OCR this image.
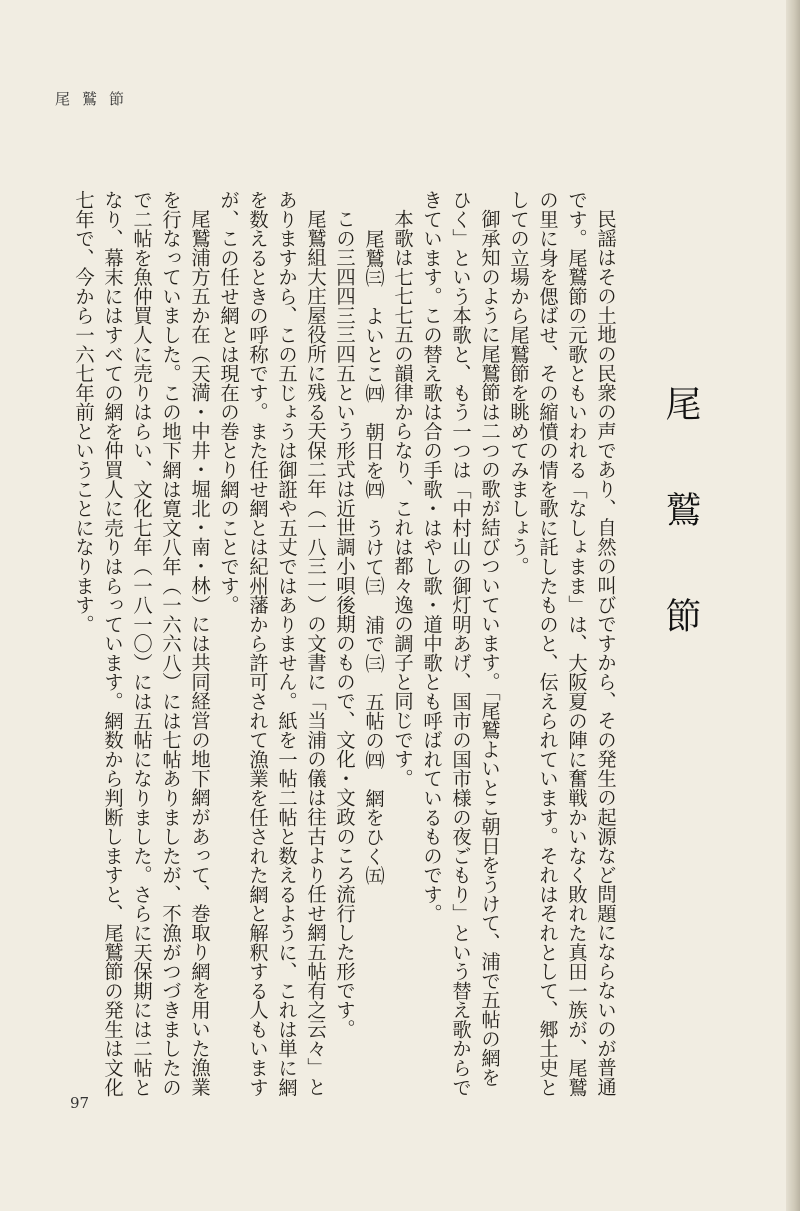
尾鷲節
尾鷲節

民謡はその土地の民衆の声であり、自然の叫びですから、その発生の起源など問題にならないのが普通です。尾鷲節の元歌ともいわれる「なしょまま」は、大阪夏の陣に奮戦かいなく敗れた真田一族が、尾鷲の里に身を偲ばせ、その縮憤の情を歌に託したものと、伝えられています。それはそれとして、郷土史としての立場から尾鷲節を眺めてみましょう。

御承知のように尾鷲節は二つの歌が結びついています。「尾鷲よいとこ朝日をうけて、浦で五帖の網をひく」という本歌と、もう一つは「中村山の御灯明あげ、国市の国市様の夜ごもり」という替え歌からできています。この替え歌は合の手歌・はやし歌・道中歌とも呼ばれているものです。

本歌は七七七五の韻律からなり、これは都々逸の調子と同じです。

尾鷲㈢　よいとこ㈣　朝日を㈣　うけて㈢　浦で㈢　五帖の㈣　網をひく㈤

この三四四三三四五という形式は近世調小唄後期のもので、文化・文政のころ流行した形です。

尾鷲組大庄屋役所に残る天保二年（一八三一）の文書に「当浦の儀は往古より任せ網五帖有之云々」とありますから、この五じょうは御誑や五丈ではありません。紙を一帖二帖と数えるように、これは単に網を数えるときの呼称です。また任せ網とは紀州藩から許可されて漁業を任された網と解釈する人もいますが、この任せ網とは現在の巻とり網のことです。

尾鷲浦方五か在（天満・中井・堀北・南・林）には共同経営の地下網があって、巻取り網を用いた漁業を行なっていました。この地下網は寛文八年（一六六八）には七帖ありましたが、不漁がつづきましたので二帖を魚仲買人に売りはらい、文化七年（一八一〇）には五帖になりました。さらに天保期には二帖となり、幕末にはすべての網を仲買人に売りはらっています。網数から判断しますと、尾鷲節の発生は文化七年で、今から一六七年前ということになります。

97
